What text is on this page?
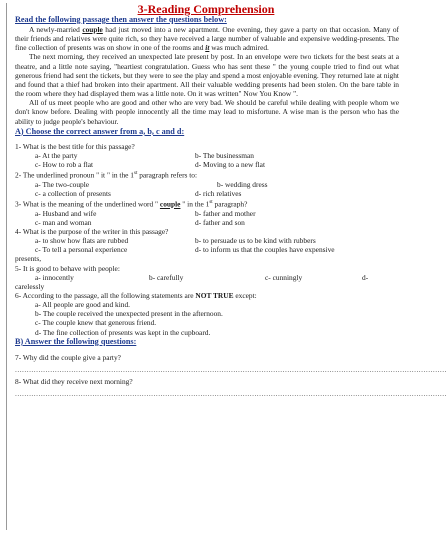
3-Reading Comprehension
Read the following passage then answer the questions below:
A newly-married couple had just moved into a new apartment. One evening, they gave a party on that occasion. Many of their friends and relatives were quite rich, so they have received a large number of valuable and expensive wedding-presents. The fine collection of presents was on show in one of the rooms and it was much admired.
The next morning, they received an unexpected late present by post. In an envelope were two tickets for the best seats at a theatre, and a little note saying, "heartiest congratulation. Guess who has sent these " the young couple tried to find out what generous friend had sent the tickets, but they were to see the play and spend a most enjoyable evening. They returned late at night and found that a thief had broken into their apartment. All their valuable wedding presents had been stolen. On the bare table in the room where they had displayed them was a little note. On it was written" Now You Know ".
All of us meet people who are good and other who are very bad. We should be careful while dealing with people whom we don't know before. Dealing with people innocently all the time may lead to misfortune. A wise man is the person who has the ability to judge people's behaviour.
A) Choose the correct answer from a, b, c and d:
1- What is the best title for this passage?
a- At the party	b- The businessman
c- How to rob a flat	d- Moving to a new flat
2- The underlined pronoun " it " in the 1st paragraph refers to:
a- The two-couple	b- wedding dress
c- a collection of presents	d- rich relatives
3- What is the meaning of the underlined word " couple " in the 1st paragraph?
a- Husband and wife	b- father and mother
c- man and woman	d- father and son
4- What is the purpose of the writer in this passage?
a- to show how flats are rubbed	b- to persuade us to be kind with rubbers
c- To tell a personal experience	d- to inform us that the couples have expensive
presents,
5- It is good to behave with people:
a- innocently	b- carefully	c- cunningly	d-
carelessly
6- According to the passage, all the following statements are NOT TRUE except:
a- All people are good and kind.
b- The couple received the unexpected present in the afternoon.
c- The couple knew that generous friend.
d- The fine collection of presents was kept in the cupboard.
B) Answer the following questions:
7- Why did the couple give a party?
........................................................................................................................................................................................
8- What did they receive next morning?
........................................................................................................................................................................................
